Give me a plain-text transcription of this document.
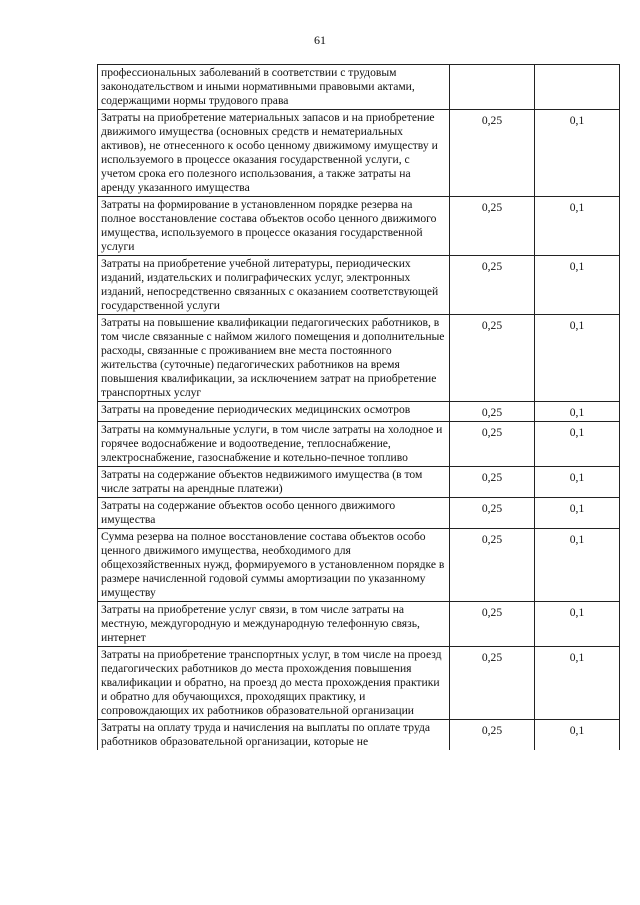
61
профессиональных заболеваний в соответствии с трудовым законодательством и иными нормативными правовыми актами, содержащими нормы трудового права		
Затраты на приобретение материальных запасов и на приобретение движимого имущества (основных средств и нематериальных активов), не отнесенного к особо ценному движимому имуществу и используемого в процессе оказания государственной услуги, с учетом срока его полезного использования, а также затраты на аренду указанного имущества	0,25	0,1
Затраты на формирование в установленном порядке резерва на полное восстановление состава объектов особо ценного движимого имущества, используемого в процессе оказания государственной услуги	0,25	0,1
Затраты на приобретение учебной литературы, периодических изданий, издательских и полиграфических услуг, электронных изданий, непосредственно связанных с оказанием соответствующей государственной услуги	0,25	0,1
Затраты на повышение квалификации педагогических работников, в том числе связанные с наймом жилого помещения и дополнительные расходы, связанные с проживанием вне места постоянного жительства (суточные) педагогических работников на время повышения квалификации, за исключением затрат на приобретение транспортных услуг	0,25	0,1
Затраты на проведение периодических медицинских осмотров	0,25	0,1
Затраты на коммунальные услуги, в том числе затраты на холодное и горячее водоснабжение и водоотведение, теплоснабжение, электроснабжение, газоснабжение и котельно-печное топливо	0,25	0,1
Затраты на содержание объектов недвижимого имущества (в том числе затраты на арендные платежи)	0,25	0,1
Затраты на содержание объектов особо ценного движимого имущества	0,25	0,1
Сумма резерва на полное восстановление состава объектов особо ценного движимого имущества, необходимого для общехозяйственных нужд, формируемого в установленном порядке в размере начисленной годовой суммы амортизации по указанному имуществу	0,25	0,1
Затраты на приобретение услуг связи, в том числе затраты на местную, междугородную и международную телефонную связь, интернет	0,25	0,1
Затраты на приобретение транспортных услуг, в том числе на проезд педагогических работников до места прохождения повышения квалификации и обратно, на проезд до места прохождения практики и обратно для обучающихся, проходящих практику, и сопровождающих их работников образовательной организации	0,25	0,1
Затраты на оплату труда и начисления на выплаты по оплате труда работников образовательной организации, которые не	0,25	0,1
